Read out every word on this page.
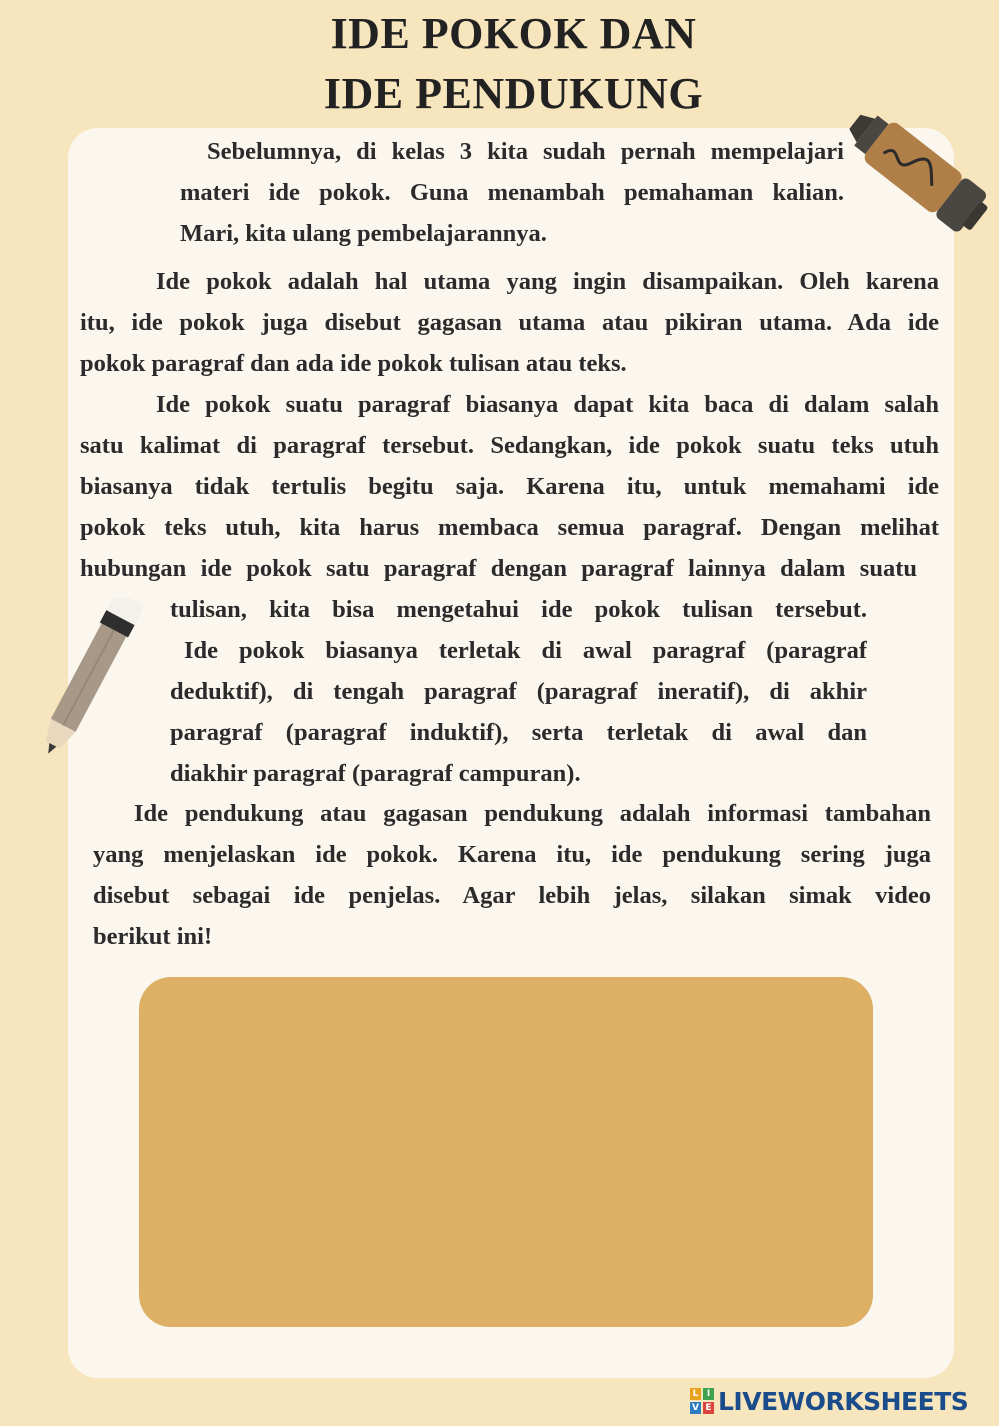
IDE POKOK DAN
IDE PENDUKUNG
Sebelumnya, di kelas 3 kita sudah pernah mempelajari
materi ide pokok. Guna menambah pemahaman kalian.
Mari, kita ulang pembelajarannya.
Ide pokok adalah hal utama yang ingin disampaikan. Oleh karena
itu, ide pokok juga disebut gagasan utama atau pikiran utama. Ada ide
pokok paragraf dan ada ide pokok tulisan atau teks.
Ide pokok suatu paragraf biasanya dapat kita baca di dalam salah
satu kalimat di paragraf tersebut. Sedangkan, ide pokok suatu teks utuh
biasanya tidak tertulis begitu saja. Karena itu, untuk memahami ide
pokok teks utuh, kita harus membaca semua paragraf. Dengan melihat
hubungan ide pokok satu paragraf dengan paragraf lainnya dalam suatu
tulisan, kita bisa mengetahui ide pokok tulisan tersebut.
Ide pokok biasanya terletak di awal paragraf (paragraf
deduktif), di tengah paragraf (paragraf ineratif), di akhir
paragraf (paragraf induktif), serta terletak di awal dan
diakhir paragraf (paragraf campuran).
Ide pendukung atau gagasan pendukung adalah informasi tambahan
yang menjelaskan ide pokok. Karena itu, ide pendukung sering juga
disebut sebagai ide penjelas. Agar lebih jelas, silakan simak video
berikut ini!
L I
V E LIVEWORKSHEETS
